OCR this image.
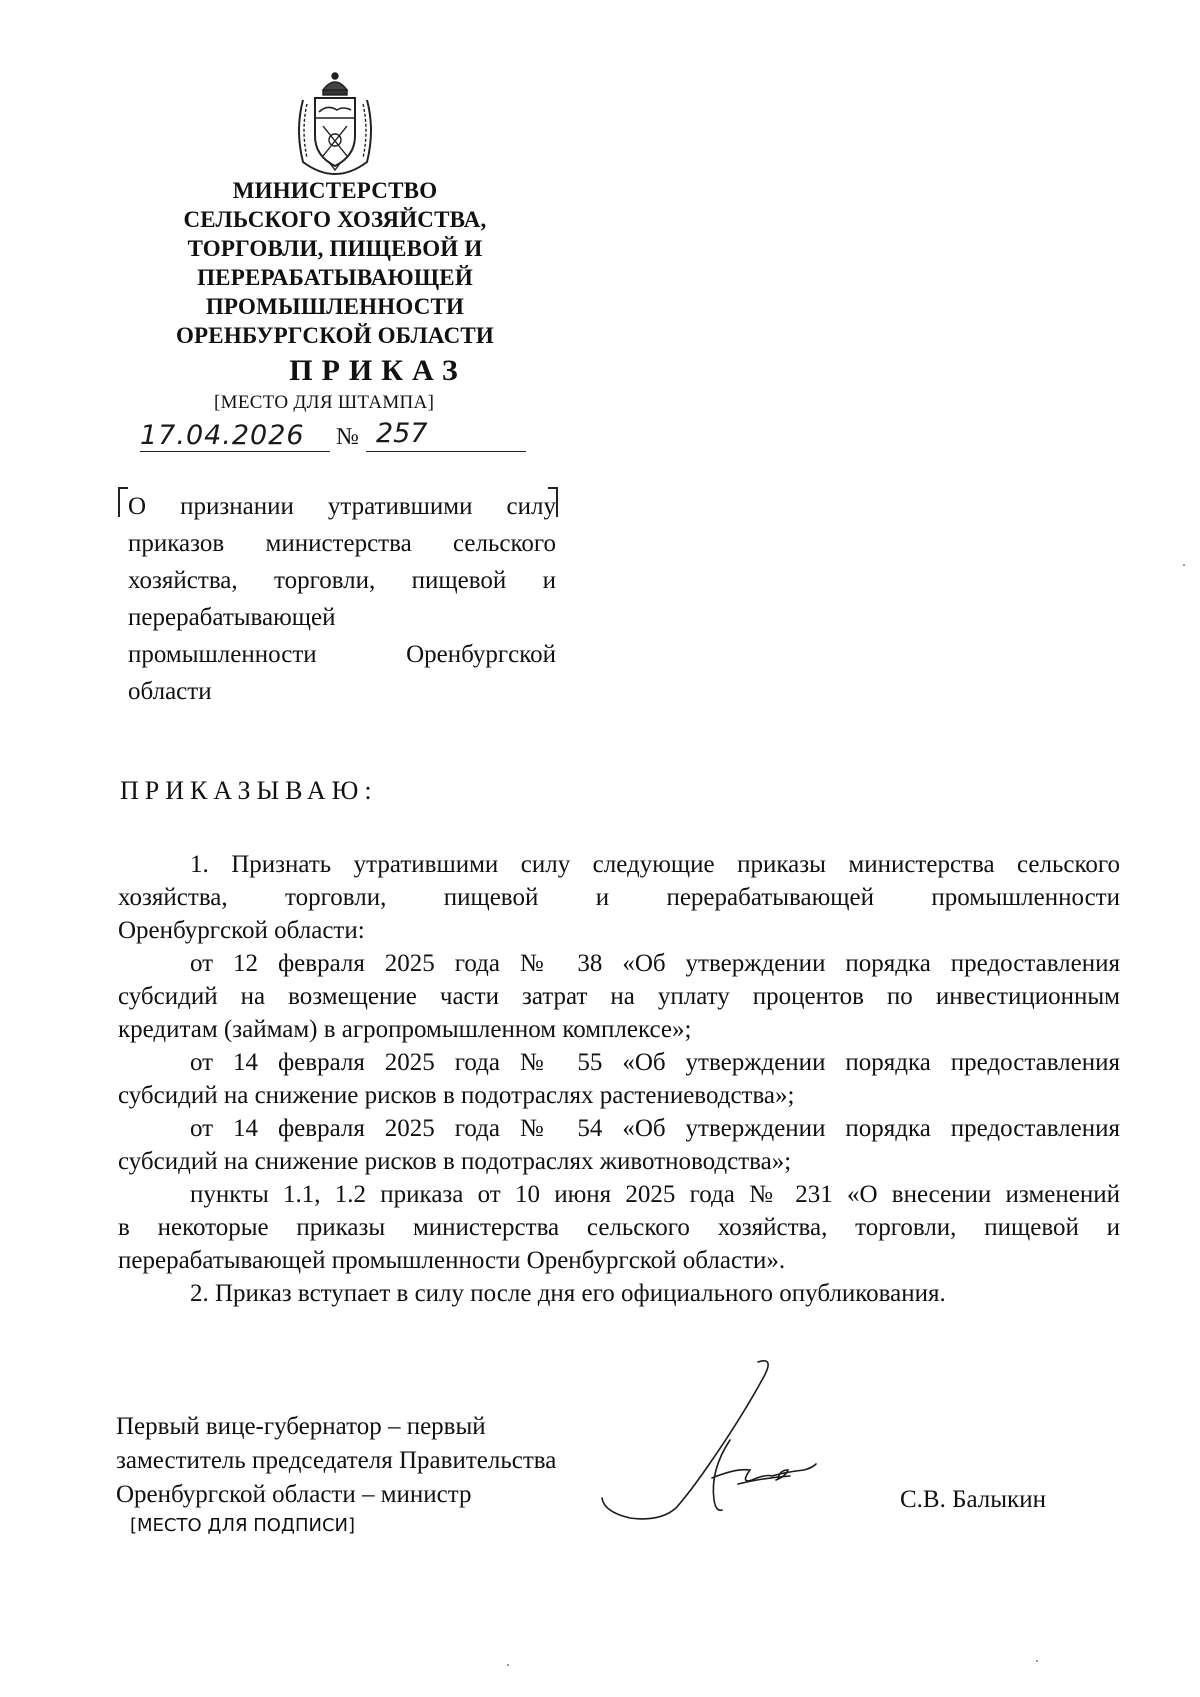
МИНИСТЕРСТВО
СЕЛЬСКОГО ХОЗЯЙСТВА,
ТОРГОВЛИ, ПИЩЕВОЙ И
ПЕРЕРАБАТЫВАЮЩЕЙ
ПРОМЫШЛЕННОСТИ
ОРЕНБУРГСКОЙ ОБЛАСТИ
ПРИКАЗ
[МЕСТО ДЛЯ ШТАМПА]
17.04.2026 № 257
О признании утратившими силу
приказов министерства сельского
хозяйства, торговли, пищевой и
перерабатывающей
промышленности	Оренбургской
области
ПРИКАЗЫВАЮ:
1. Признать утратившими силу следующие приказы министерства сельского
хозяйства, торговли, пищевой и перерабатывающей промышленности
Оренбургской области:
от 12 февраля 2025 года № 38 «Об утверждении порядка предоставления
субсидий на возмещение части затрат на уплату процентов по инвестиционным
кредитам (займам) в агропромышленном комплексе»;
от 14 февраля 2025 года № 55 «Об утверждении порядка предоставления
субсидий на снижение рисков в подотраслях растениеводства»;
от 14 февраля 2025 года № 54 «Об утверждении порядка предоставления
субсидий на снижение рисков в подотраслях животноводства»;
пункты 1.1, 1.2 приказа от 10 июня 2025 года № 231 «О внесении изменений
в некоторые приказы министерства сельского хозяйства, торговли, пищевой и
перерабатывающей промышленности Оренбургской области».
2. Приказ вступает в силу после дня его официального опубликования.
Первый вице-губернатор – первый
заместитель председателя Правительства
Оренбургской области – министр
[МЕСТО ДЛЯ ПОДПИСИ]
С.В. Балыкин
